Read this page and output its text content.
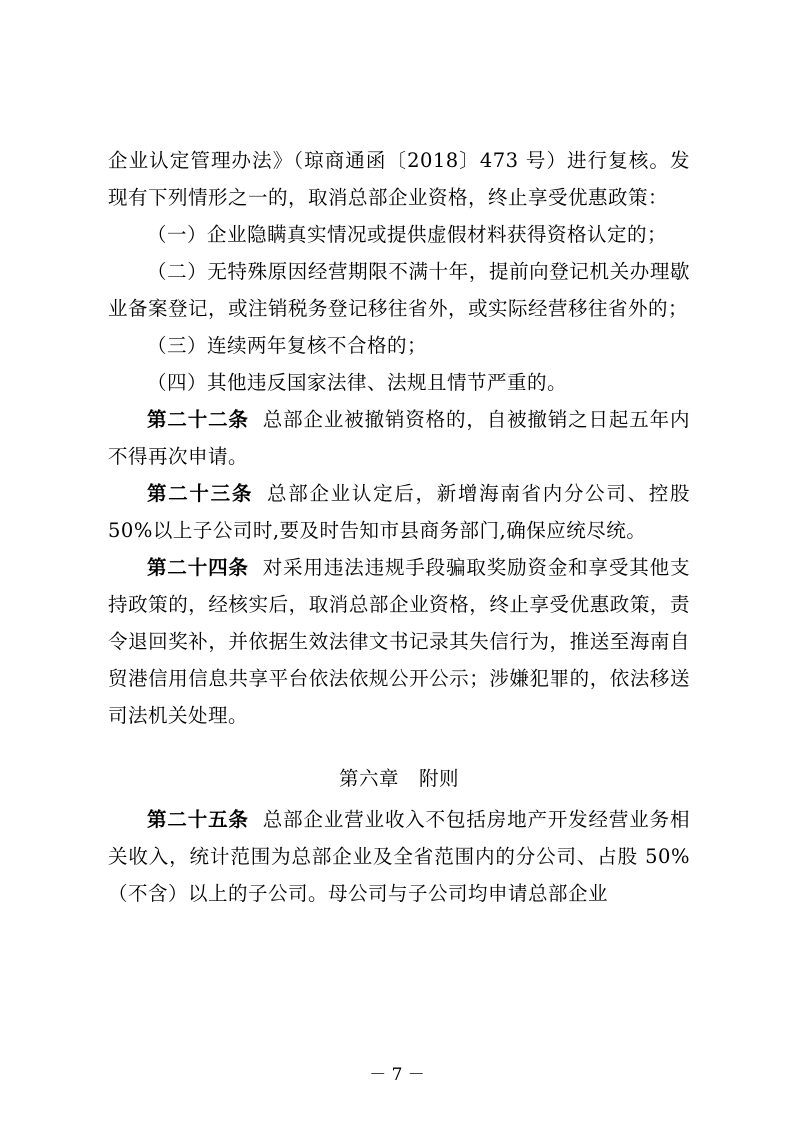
企业认定管理办法》（琼商通函〔2018〕473 号）进行复核。发现有下列情形之一的，取消总部企业资格，终止享受优惠政策：

（一）企业隐瞒真实情况或提供虚假材料获得资格认定的；

（二）无特殊原因经营期限不满十年，提前向登记机关办理歇业备案登记，或注销税务登记移往省外，或实际经营移往省外的；

（三）连续两年复核不合格的；

（四）其他违反国家法律、法规且情节严重的。

第二十二条 总部企业被撤销资格的，自被撤销之日起五年内不得再次申请。

第二十三条 总部企业认定后，新增海南省内分公司、控股 50%以上子公司时,要及时告知市县商务部门,确保应统尽统。

第二十四条 对采用违法违规手段骗取奖励资金和享受其他支持政策的，经核实后，取消总部企业资格，终止享受优惠政策，责令退回奖补，并依据生效法律文书记录其失信行为，推送至海南自贸港信用信息共享平台依法依规公开公示；涉嫌犯罪的，依法移送司法机关处理。

第六章　附则

第二十五条 总部企业营业收入不包括房地产开发经营业务相关收入，统计范围为总部企业及全省范围内的分公司、占股 50%（不含）以上的子公司。母公司与子公司均申请总部企业

－ 7 －
